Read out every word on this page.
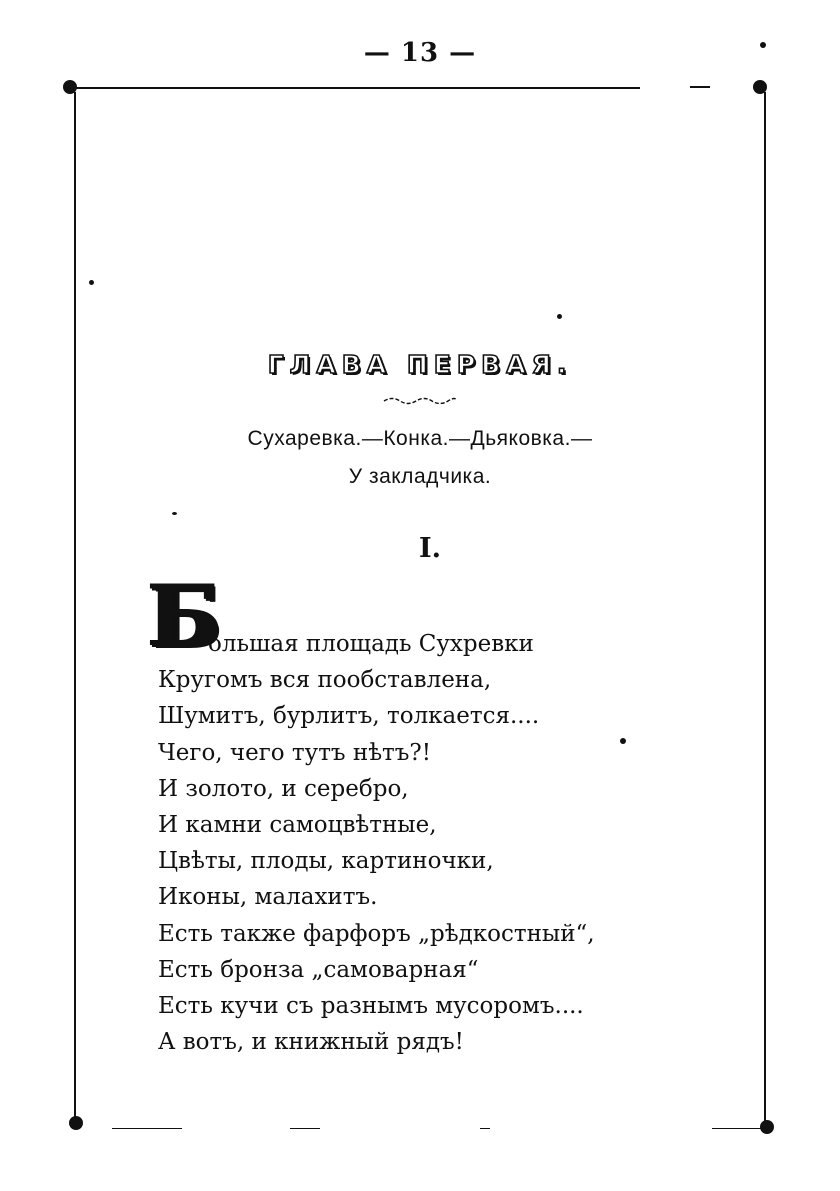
— 13 —
ГЛАВА ПЕРВАЯ.
Сухаревка.—Конка.—Дьяковка.—
У закладчика.
I.
Б
ольшая площадь Сухревки
Кругомъ вся пообставлена,
Шумитъ, бурлитъ, толкается....
Чего, чего тутъ нѣтъ?!
И золото, и серебро,
И камни самоцвѣтные,
Цвѣты, плоды, картиночки,
Иконы, малахитъ.
Есть также фарфоръ „рѣдкостный“,
Есть бронза „самоварная“
Есть кучи съ разнымъ мусоромъ....
А вотъ, и книжный рядъ!
